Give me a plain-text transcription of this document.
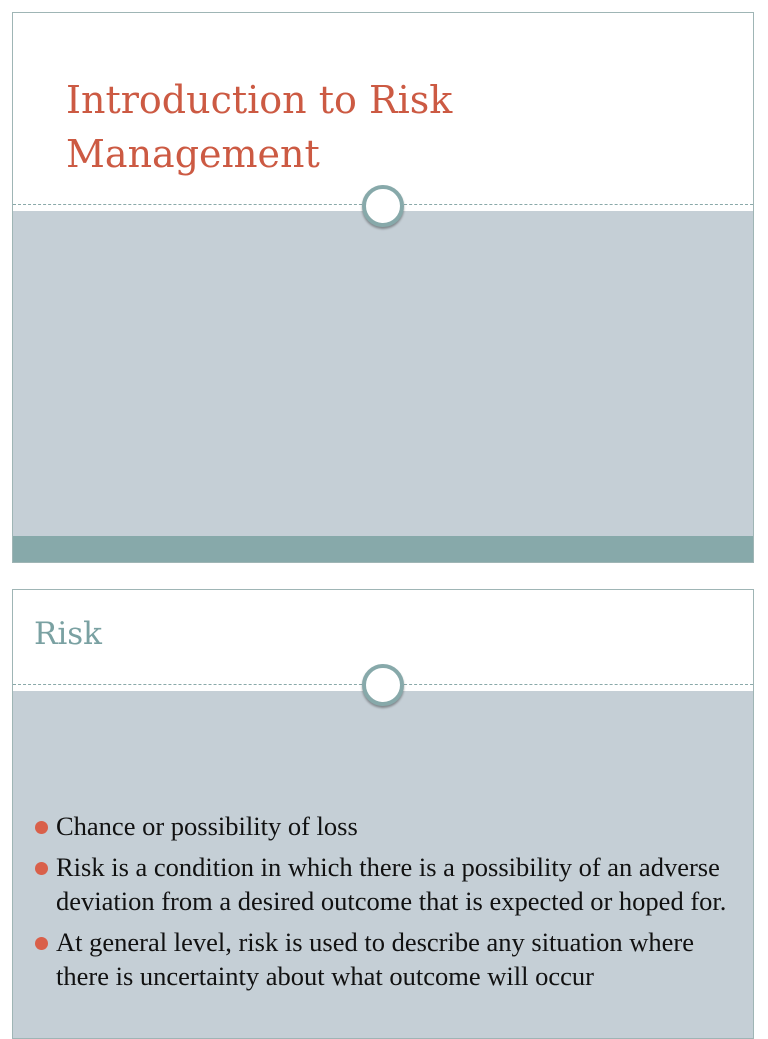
Introduction to Risk Management
Risk
Chance or possibility of loss
Risk is a condition in which there is a possibility of an adverse deviation from a desired outcome that is expected or hoped for.
At general level, risk is used to describe any situation where there is uncertainty about what outcome will occur
